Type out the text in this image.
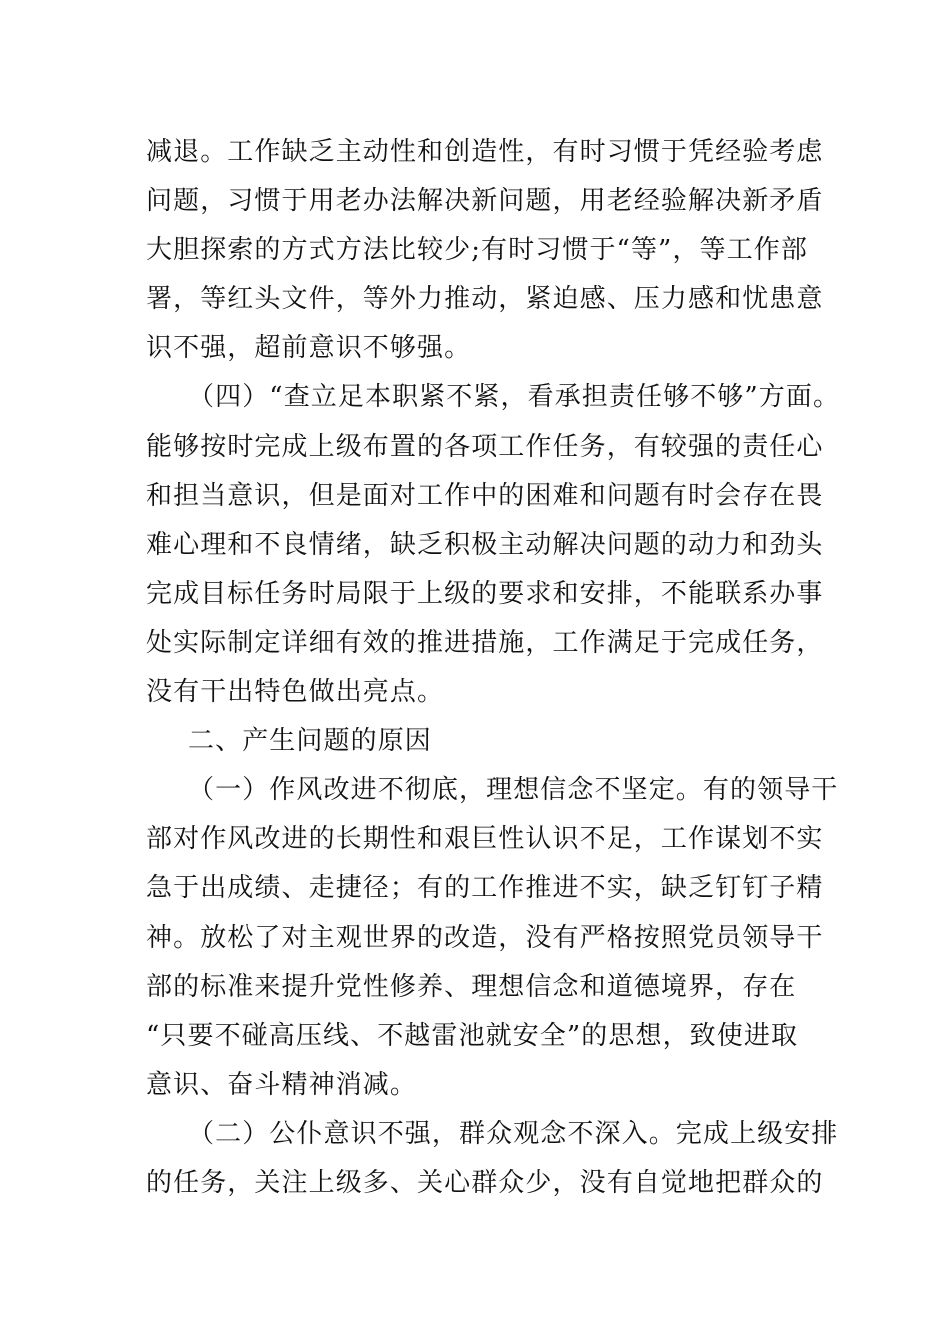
减退。工作缺乏主动性和创造性，有时习惯于凭经验考虑
问题，习惯于用老办法解决新问题，用老经验解决新矛盾
大胆探索的方式方法比较少;有时习惯于“等”，等工作部
署，等红头文件，等外力推动，紧迫感、压力感和忧患意
识不强，超前意识不够强。
（四）“查立足本职紧不紧，看承担责任够不够”方面。
能够按时完成上级布置的各项工作任务，有较强的责任心
和担当意识，但是面对工作中的困难和问题有时会存在畏
难心理和不良情绪，缺乏积极主动解决问题的动力和劲头
完成目标任务时局限于上级的要求和安排，不能联系办事
处实际制定详细有效的推进措施，工作满足于完成任务，
没有干出特色做出亮点。
二、产生问题的原因
（一）作风改进不彻底，理想信念不坚定。有的领导干
部对作风改进的长期性和艰巨性认识不足，工作谋划不实
急于出成绩、走捷径；有的工作推进不实，缺乏钉钉子精
神。放松了对主观世界的改造，没有严格按照党员领导干
部的标准来提升党性修养、理想信念和道德境界，存在
“只要不碰高压线、不越雷池就安全”的思想，致使进取
意识、奋斗精神消减。
（二）公仆意识不强，群众观念不深入。完成上级安排
的任务，关注上级多、关心群众少，没有自觉地把群众的
